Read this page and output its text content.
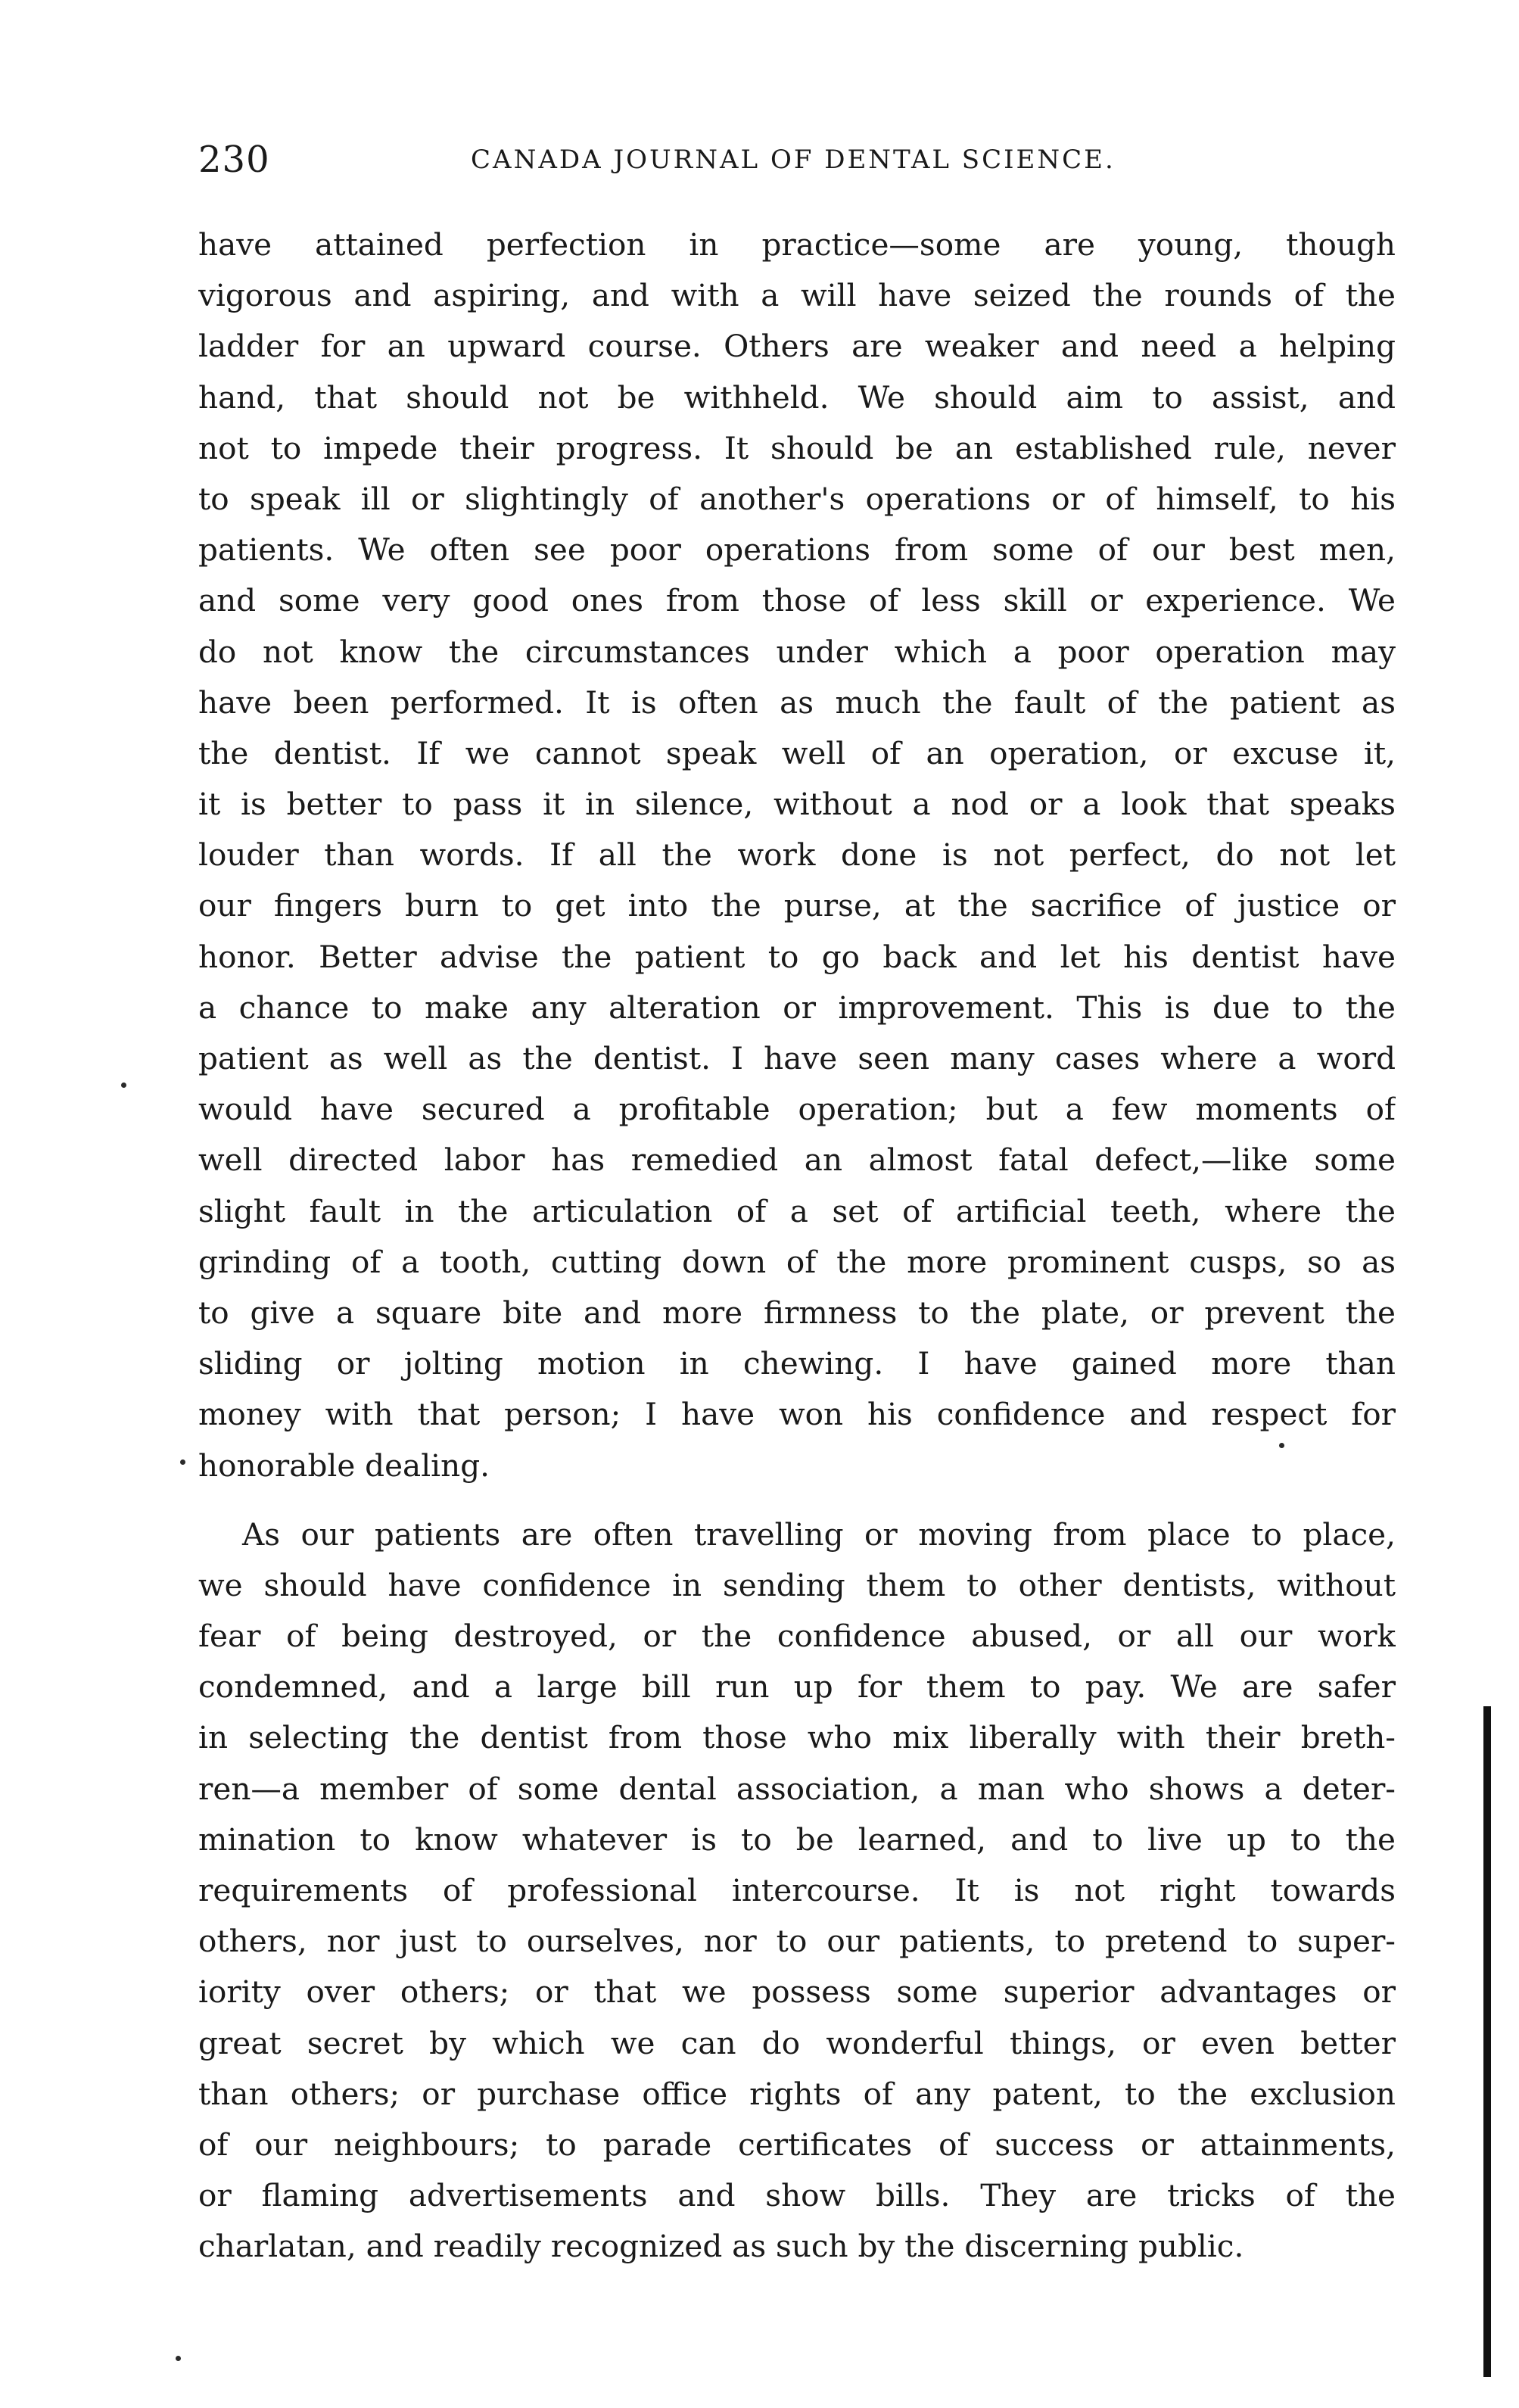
230	CANADA JOURNAL OF DENTAL SCIENCE.
have attained perfection in practice—some are young, though
vigorous and aspiring, and with a will have seized the rounds of the
ladder for an upward course. Others are weaker and need a helping
hand, that should not be withheld. We should aim to assist, and
not to impede their progress. It should be an established rule, never
to speak ill or slightingly of another's operations or of himself, to his
patients. We often see poor operations from some of our best men,
and some very good ones from those of less skill or experience. We
do not know the circumstances under which a poor operation may
have been performed. It is often as much the fault of the patient as
the dentist. If we cannot speak well of an operation, or excuse it,
it is better to pass it in silence, without a nod or a look that speaks
louder than words. If all the work done is not perfect, do not let
our fingers burn to get into the purse, at the sacrifice of justice or
honor. Better advise the patient to go back and let his dentist have
a chance to make any alteration or improvement. This is due to the
patient as well as the dentist. I have seen many cases where a word
would have secured a profitable operation; but a few moments of
well directed labor has remedied an almost fatal defect,—like some
slight fault in the articulation of a set of artificial teeth, where the
grinding of a tooth, cutting down of the more prominent cusps, so as
to give a square bite and more firmness to the plate, or prevent the
sliding or jolting motion in chewing. I have gained more than
money with that person; I have won his confidence and respect for
honorable dealing.
As our patients are often travelling or moving from place to place,
we should have confidence in sending them to other dentists, without
fear of being destroyed, or the confidence abused, or all our work
condemned, and a large bill run up for them to pay. We are safer
in selecting the dentist from those who mix liberally with their breth-
ren—a member of some dental association, a man who shows a deter-
mination to know whatever is to be learned, and to live up to the
requirements of professional intercourse. It is not right towards
others, nor just to ourselves, nor to our patients, to pretend to super-
iority over others; or that we possess some superior advantages or
great secret by which we can do wonderful things, or even better
than others; or purchase office rights of any patent, to the exclusion
of our neighbours; to parade certificates of success or attainments,
or flaming advertisements and show bills. They are tricks of the
charlatan, and readily recognized as such by the discerning public.
